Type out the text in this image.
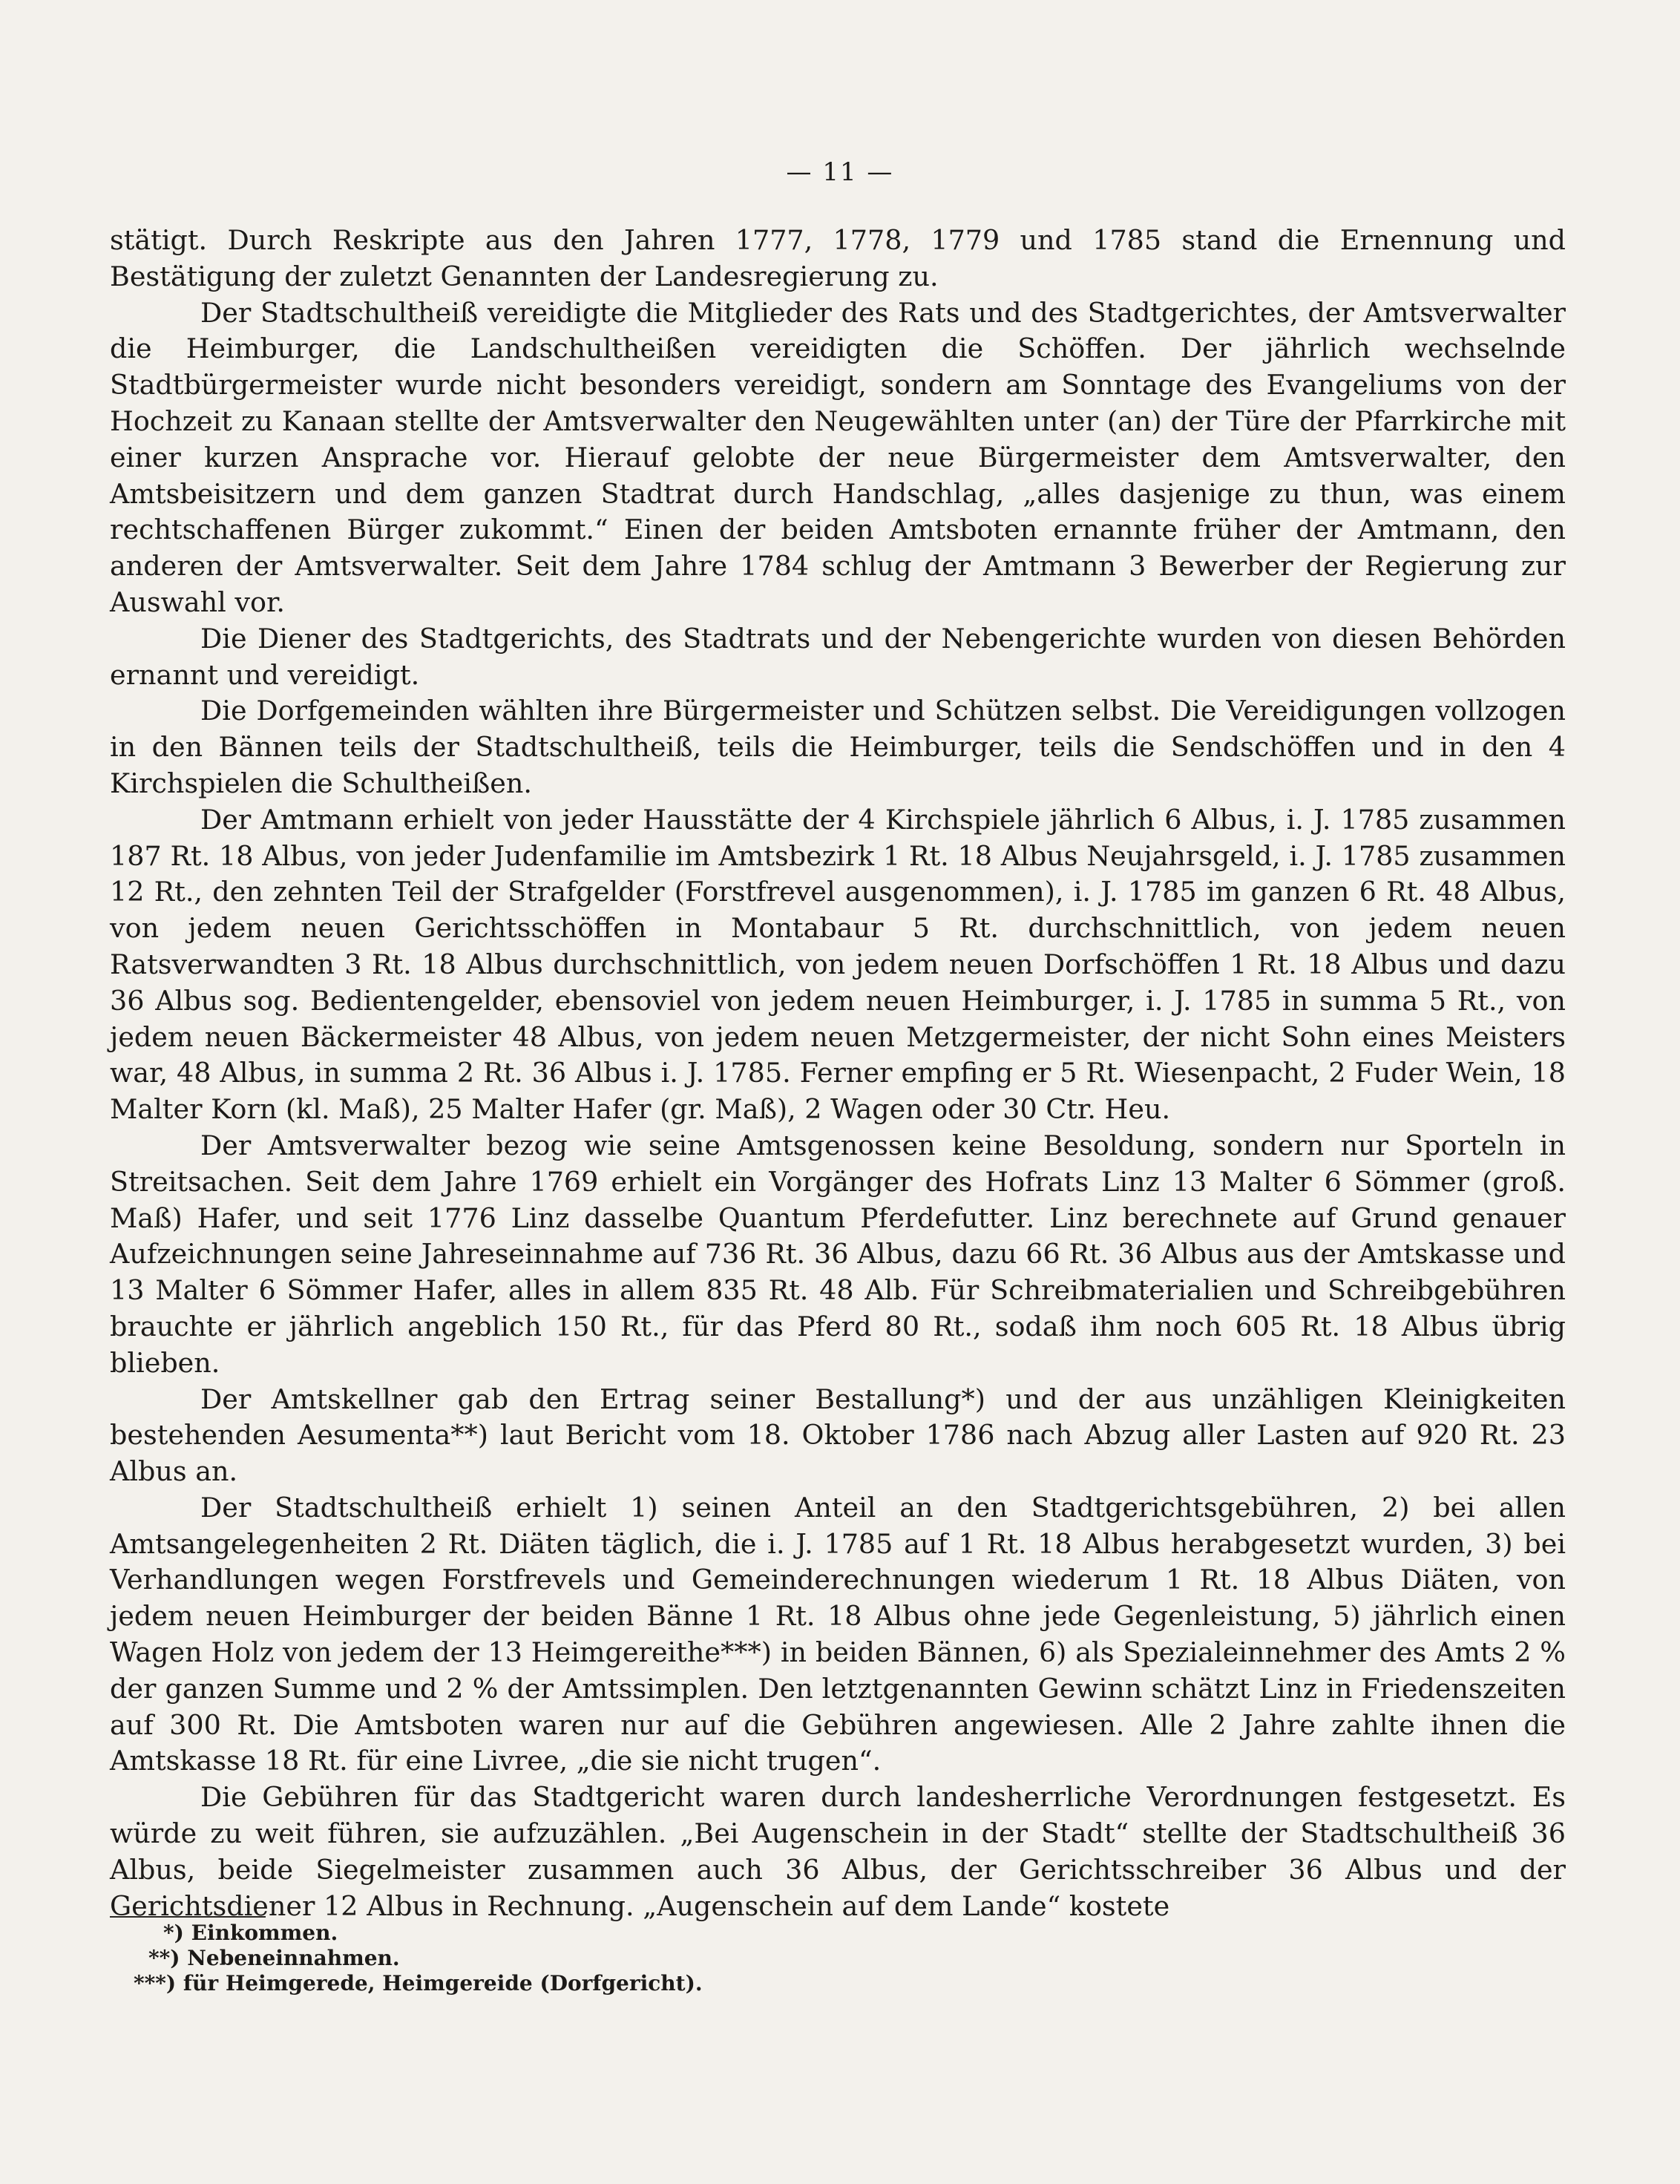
— 11 —

stätigt. Durch Reskripte aus den Jahren 1777, 1778, 1779 und 1785 stand die Ernennung und Bestätigung der zuletzt Genannten der Landesregierung zu.

Der Stadtschultheiß vereidigte die Mitglieder des Rats und des Stadtgerichtes, der Amtsverwalter die Heimburger, die Landschultheißen vereidigten die Schöffen. Der jährlich wechselnde Stadtbürgermeister wurde nicht besonders vereidigt, sondern am Sonntage des Evangeliums von der Hochzeit zu Kanaan stellte der Amtsverwalter den Neugewählten unter (an) der Türe der Pfarrkirche mit einer kurzen Ansprache vor. Hierauf gelobte der neue Bürgermeister dem Amtsverwalter, den Amtsbeisitzern und dem ganzen Stadtrat durch Handschlag, „alles dasjenige zu thun, was einem rechtschaffenen Bürger zukommt.“ Einen der beiden Amtsboten ernannte früher der Amtmann, den anderen der Amtsverwalter. Seit dem Jahre 1784 schlug der Amtmann 3 Bewerber der Regierung zur Auswahl vor.

Die Diener des Stadtgerichts, des Stadtrats und der Nebengerichte wurden von diesen Behörden ernannt und vereidigt.

Die Dorfgemeinden wählten ihre Bürgermeister und Schützen selbst. Die Vereidigungen vollzogen in den Bännen teils der Stadtschultheiß, teils die Heimburger, teils die Sendschöffen und in den 4 Kirchspielen die Schultheißen.

Der Amtmann erhielt von jeder Hausstätte der 4 Kirchspiele jährlich 6 Albus, i. J. 1785 zusammen 187 Rt. 18 Albus, von jeder Judenfamilie im Amtsbezirk 1 Rt. 18 Albus Neujahrsgeld, i. J. 1785 zusammen 12 Rt., den zehnten Teil der Strafgelder (Forstfrevel ausgenommen), i. J. 1785 im ganzen 6 Rt. 48 Albus, von jedem neuen Gerichtsschöffen in Montabaur 5 Rt. durchschnittlich, von jedem neuen Ratsverwandten 3 Rt. 18 Albus durchschnittlich, von jedem neuen Dorfschöffen 1 Rt. 18 Albus und dazu 36 Albus sog. Bedientengelder, ebensoviel von jedem neuen Heimburger, i. J. 1785 in summa 5 Rt., von jedem neuen Bäckermeister 48 Albus, von jedem neuen Metzgermeister, der nicht Sohn eines Meisters war, 48 Albus, in summa 2 Rt. 36 Albus i. J. 1785. Ferner empfing er 5 Rt. Wiesenpacht, 2 Fuder Wein, 18 Malter Korn (kl. Maß), 25 Malter Hafer (gr. Maß), 2 Wagen oder 30 Ctr. Heu.

Der Amtsverwalter bezog wie seine Amtsgenossen keine Besoldung, sondern nur Sporteln in Streitsachen. Seit dem Jahre 1769 erhielt ein Vorgänger des Hofrats Linz 13 Malter 6 Sömmer (groß. Maß) Hafer, und seit 1776 Linz dasselbe Quantum Pferdefutter. Linz berechnete auf Grund genauer Aufzeichnungen seine Jahreseinnahme auf 736 Rt. 36 Albus, dazu 66 Rt. 36 Albus aus der Amtskasse und 13 Malter 6 Sömmer Hafer, alles in allem 835 Rt. 48 Alb. Für Schreibmaterialien und Schreibgebühren brauchte er jährlich angeblich 150 Rt., für das Pferd 80 Rt., sodaß ihm noch 605 Rt. 18 Albus übrig blieben.

Der Amtskellner gab den Ertrag seiner Bestallung*) und der aus unzähligen Kleinigkeiten bestehenden Aesumenta**) laut Bericht vom 18. Oktober 1786 nach Abzug aller Lasten auf 920 Rt. 23 Albus an.

Der Stadtschultheiß erhielt 1) seinen Anteil an den Stadtgerichtsgebühren, 2) bei allen Amtsangelegenheiten 2 Rt. Diäten täglich, die i. J. 1785 auf 1 Rt. 18 Albus herabgesetzt wurden, 3) bei Verhandlungen wegen Forstfrevels und Gemeinderechnungen wiederum 1 Rt. 18 Albus Diäten, von jedem neuen Heimburger der beiden Bänne 1 Rt. 18 Albus ohne jede Gegenleistung, 5) jährlich einen Wagen Holz von jedem der 13 Heimgereithe***) in beiden Bännen, 6) als Spezialeinnehmer des Amts 2 % der ganzen Summe und 2 % der Amtssimplen. Den letztgenannten Gewinn schätzt Linz in Friedenszeiten auf 300 Rt. Die Amtsboten waren nur auf die Gebühren angewiesen. Alle 2 Jahre zahlte ihnen die Amtskasse 18 Rt. für eine Livree, „die sie nicht trugen“.

Die Gebühren für das Stadtgericht waren durch landesherrliche Verordnungen festgesetzt. Es würde zu weit führen, sie aufzuzählen. „Bei Augenschein in der Stadt“ stellte der Stadtschultheiß 36 Albus, beide Siegelmeister zusammen auch 36 Albus, der Gerichtsschreiber 36 Albus und der Gerichtsdiener 12 Albus in Rechnung. „Augenschein auf dem Lande“ kostete

*) Einkommen.
**) Nebeneinnahmen.
***) für Heimgerede, Heimgereide (Dorfgericht).
